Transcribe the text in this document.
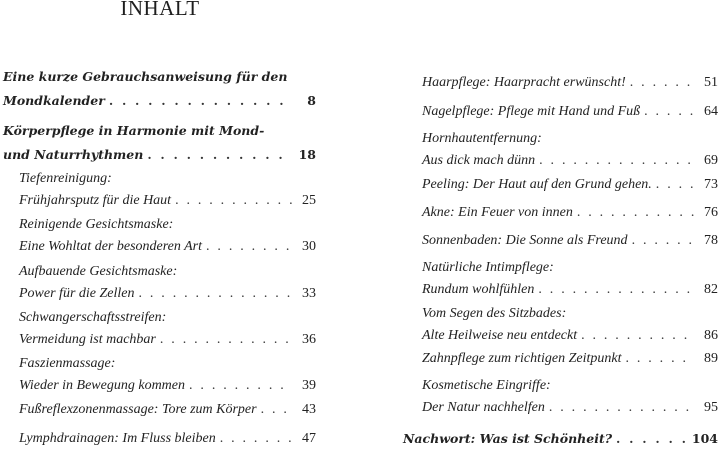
INHALT
Eine kurze Gebrauchsanweisung für den
Mondkalender . . .	8
Körperpflege in Harmonie mit Mond-
und Naturrhythmen . . .	18
Tiefenreinigung:
Frühjahrsputz für die Haut . . .	25
Reinigende Gesichtsmaske:
Eine Wohltat der besonderen Art . . .	30
Aufbauende Gesichtsmaske:
Power für die Zellen . . .	33
Schwangerschaftsstreifen:
Vermeidung ist machbar . . .	36
Faszienmassage:
Wieder in Bewegung kommen . . .	39
Fußreflexzonenmassage: Tore zum Körper . . .	43
Lymphdrainagen: Im Fluss bleiben . . .	47
Haarpflege: Haarpracht erwünscht! . . .	51
Nagelpflege: Pflege mit Hand und Fuß . . .	64
Hornhautentfernung:
Aus dick mach dünn . . .	69
Peeling: Der Haut auf den Grund gehen. . . .	73
Akne: Ein Feuer von innen . . .	76
Sonnenbaden: Die Sonne als Freund . . .	78
Natürliche Intimpflege:
Rundum wohlfühlen . . .	82
Vom Segen des Sitzbades:
Alte Heilweise neu entdeckt . . .	86
Zahnpflege zum richtigen Zeitpunkt . . .	89
Kosmetische Eingriffe:
Der Natur nachhelfen . . .	95
Nachwort: Was ist Schönheit? . . .	104
